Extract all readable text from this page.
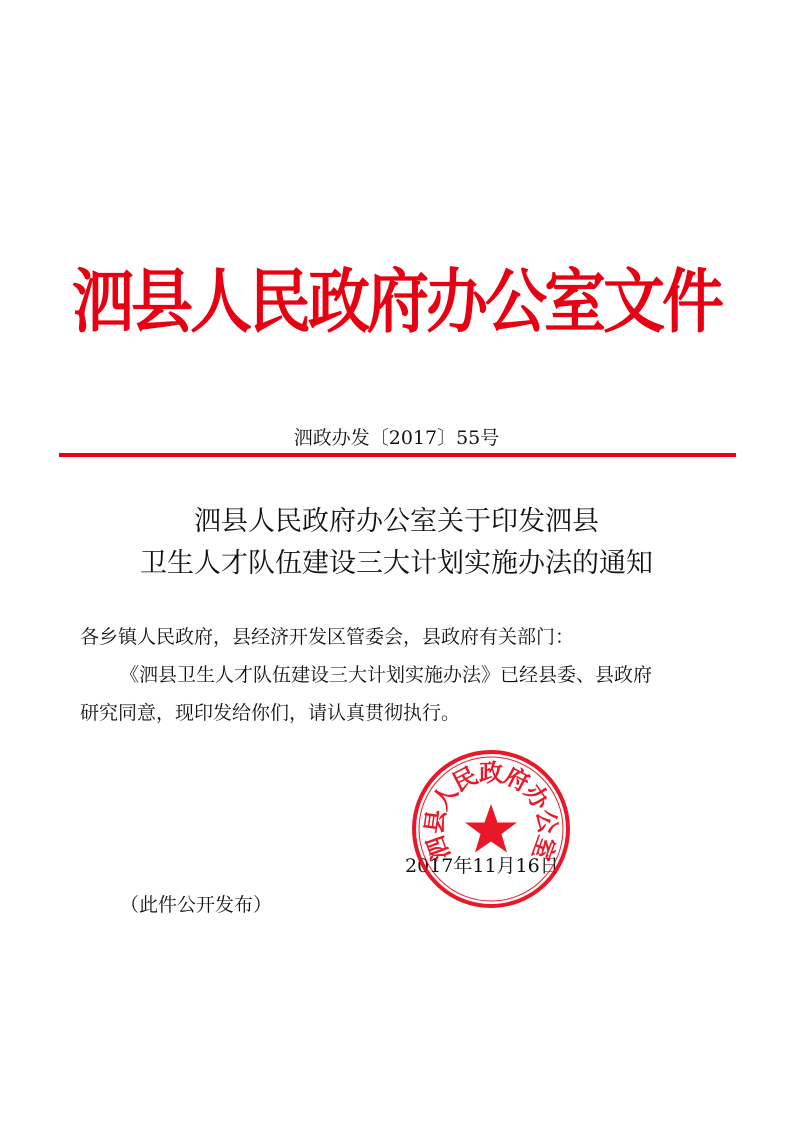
泗县人民政府办公室文件
泗政办发〔2017〕55号
泗县人民政府办公室关于印发泗县
卫生人才队伍建设三大计划实施办法的通知
各乡镇人民政府，县经济开发区管委会，县政府有关部门：
《泗县卫生人才队伍建设三大计划实施办法》已经县委、县政府
研究同意，现印发给你们，请认真贯彻执行。
2017年11月16日
（此件公开发布）
泗
县
人
民
政
府
办
公
室
